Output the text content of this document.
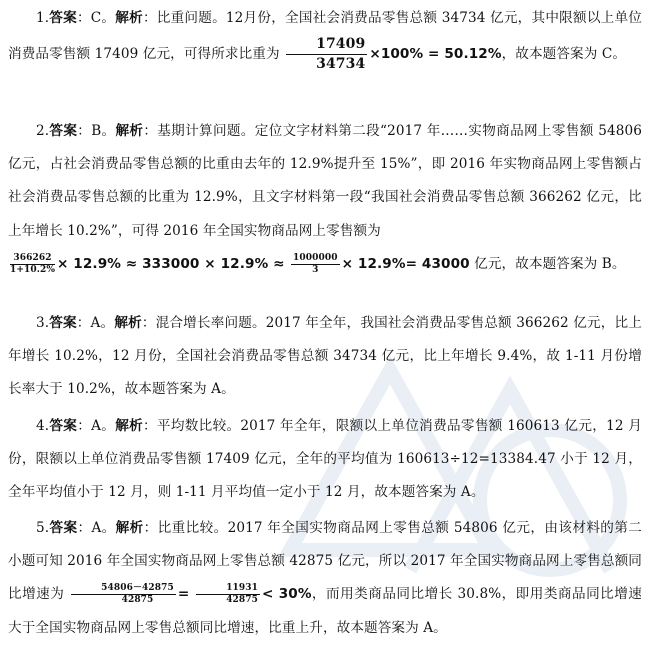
1.答案：C。解析：比重问题。12月份，全国社会消费品零售总额 34734 亿元，其中限额以上单位消费品零售额 17409 亿元，可得所求比重为 $\frac{17409}{34734} \times 100\% = 50.12\%$，故本题答案为 C。

2.答案：B。解析：基期计算问题。定位文字材料第二段“2017 年……实物商品网上零售额 54806 亿元，占社会消费品零售总额的比重由去年的 12.9%提升至 15%”，即 2016 年实物商品网上零售额占社会消费品零售总额的比重为 12.9%，且文字材料第一段“我国社会消费品零售总额 366262 亿元，比上年增长 10.2%”，可得 2016 年全国实物商品网上零售额为

$\frac{366262}{1+10.2\%} \times 12.9\% \approx 333000 \times 12.9\% \approx \frac{1000000}{3} \times 12.9\%= 43000$ 亿元，故本题答案为 B。

3.答案：A。解析：混合增长率问题。2017 年全年，我国社会消费品零售总额 366262 亿元，比上年增长 10.2%，12 月份，全国社会消费品零售总额 34734 亿元，比上年增长 9.4%，故 1-11 月份增长率大于 10.2%，故本题答案为 A。

4.答案：A。解析：平均数比较。2017 年全年，限额以上单位消费品零售额 160613 亿元，12 月份，限额以上单位消费品零售额 17409 亿元，全年的平均值为 160613÷12=13384.47 小于 12 月，全年平均值小于 12 月，则 1-11 月平均值一定小于 12 月，故本题答案为 A。

5.答案：A。解析：比重比较。2017 年全国实物商品网上零售总额 54806 亿元，由该材料的第二小题可知 2016 年全国实物商品网上零售总额 42875 亿元，所以 2017 年全国实物商品网上零售总额同比增速为 $\frac{54806-42875}{42875} = \frac{11931}{42875} < 30\%$，而用类商品同比增长 30.8%，即用类商品同比增速大于全国实物商品网上零售总额同比增速，比重上升，故本题答案为 A。
